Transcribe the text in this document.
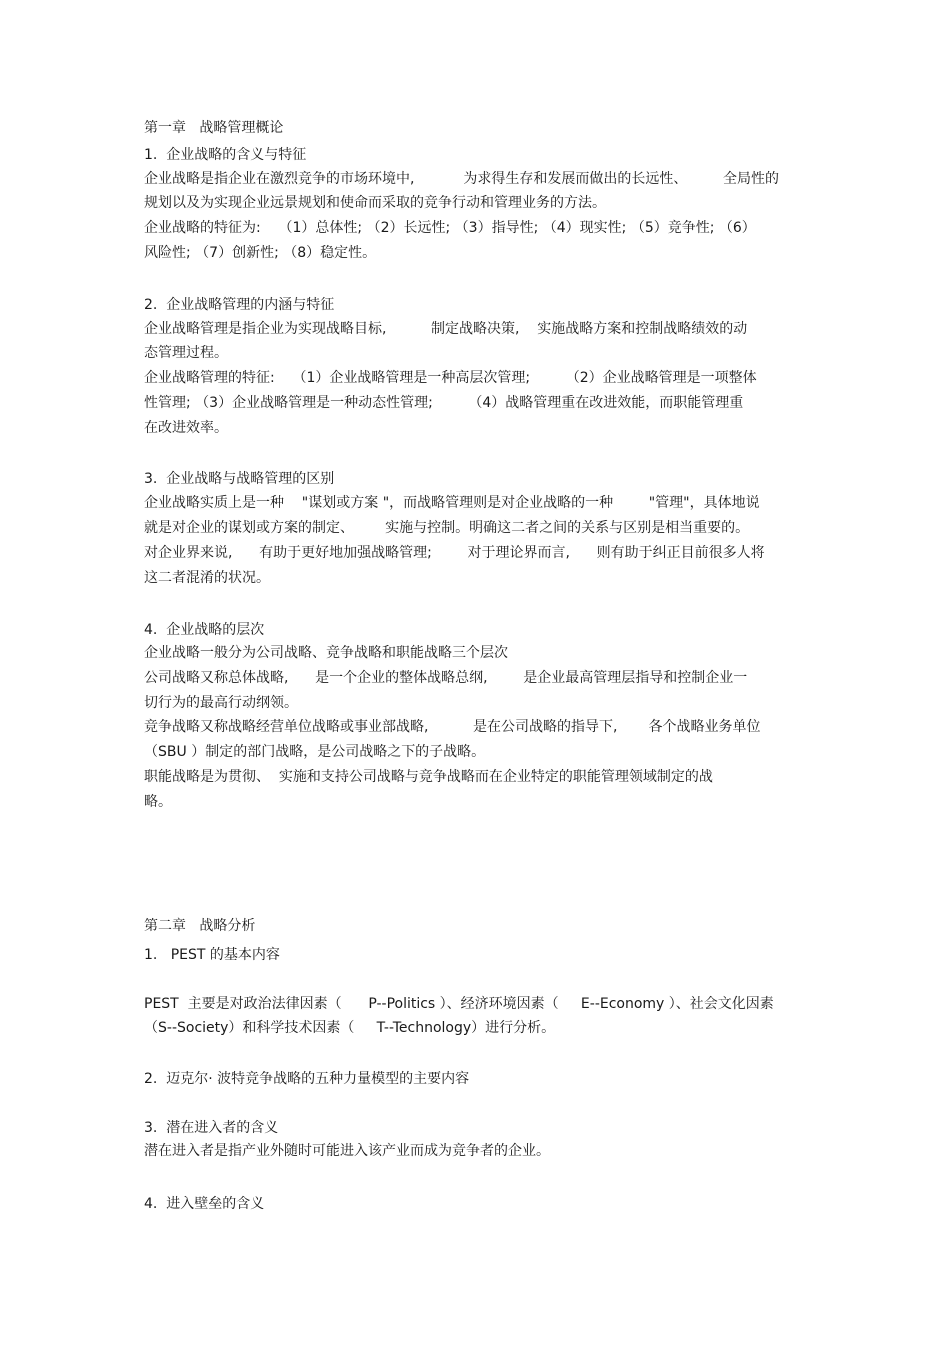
第一章   战略管理概论

1.  企业战略的含义与特征

企业战略是指企业在激烈竞争的市场环境中,           为求得生存和发展而做出的长远性、        全局性的

规划以及为实现企业远景规划和使命而采取的竞争行动和管理业务的方法。

企业战略的特征为:    （1）总体性; （2）长远性; （3）指导性; （4）现实性; （5）竞争性; （6）

风险性; （7）创新性; （8）稳定性。

2.  企业战略管理的内涵与特征

企业战略管理是指企业为实现战略目标,          制定战略决策,    实施战略方案和控制战略绩效的动

态管理过程。

企业战略管理的特征:    （1）企业战略管理是一种高层次管理;        （2）企业战略管理是一项整体

性管理; （3）企业战略管理是一种动态性管理;        （4）战略管理重在改进效能，而职能管理重

在改进效率。

3.  企业战略与战略管理的区别

企业战略实质上是一种    "谋划或方案 "，而战略管理则是对企业战略的一种        "管理"，具体地说

就是对企业的谋划或方案的制定、       实施与控制。明确这二者之间的关系与区别是相当重要的。

对企业界来说,      有助于更好地加强战略管理;        对于理论界而言,      则有助于纠正目前很多人将

这二者混淆的状况。

4.  企业战略的层次

企业战略一般分为公司战略、竞争战略和职能战略三个层次

公司战略又称总体战略,      是一个企业的整体战略总纲,        是企业最高管理层指导和控制企业一

切行为的最高行动纲领。

竞争战略又称战略经营单位战略或事业部战略,          是在公司战略的指导下,       各个战略业务单位

（SBU ）制定的部门战略，是公司战略之下的子战略。

职能战略是为贯彻、  实施和支持公司战略与竞争战略而在企业特定的职能管理领域制定的战

略。

第二章   战略分析

1.   PEST 的基本内容

PEST  主要是对政治法律因素（      P--Politics ）、经济环境因素（     E--Economy ）、社会文化因素

（S--Society）和科学技术因素（     T--Technology）进行分析。

2.  迈克尔· 波特竞争战略的五种力量模型的主要内容

3.  潜在进入者的含义

潜在进入者是指产业外随时可能进入该产业而成为竞争者的企业。

4.  进入壁垒的含义
